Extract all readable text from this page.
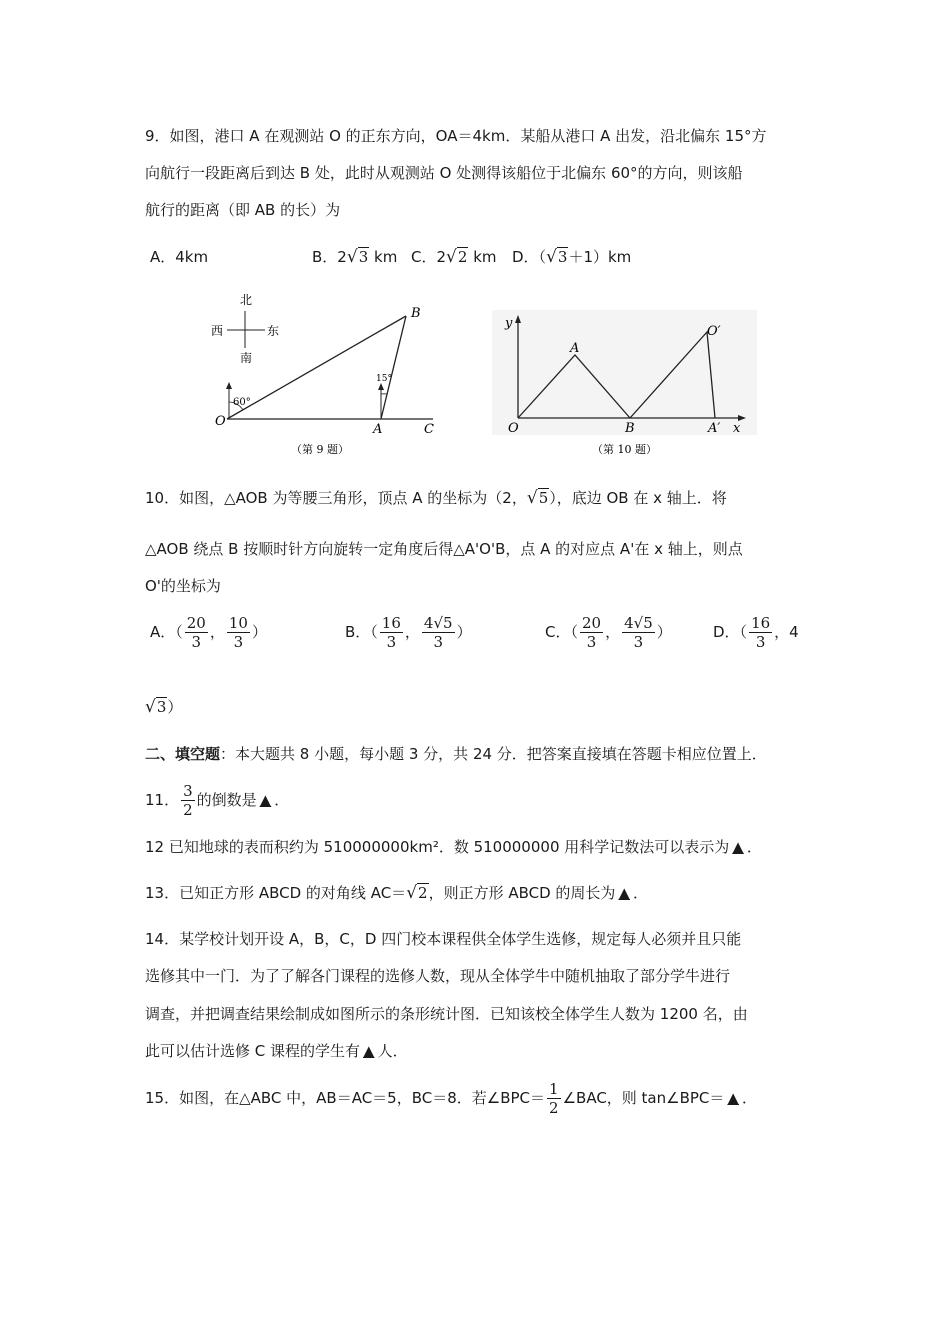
9．如图，港口 A 在观测站 O 的正东方向，OA＝4km．某船从港口 A 出发，沿北偏东 15°方
向航行一段距离后到达 B 处，此时从观测站 O 处测得该船位于北偏东 60°的方向，则该船
航行的距离（即 AB 的长）为
A．4km	B．2√3 km C．2√2 km D．（√3＋1）km
北
南
西	东
60°
15°
O
A
B
C
（第 9 题）
y
x
O
A
B	A′
O′
（第 10 题）
10．如图，△AOB 为等腰三角形，顶点 A 的坐标为（2，√5），底边 OB 在 x 轴上．将
△AOB 绕点 B 按顺时针方向旋转一定角度后得△A'O'B，点 A 的对应点 A'在 x 轴上，则点
O'的坐标为
A．（ $\frac{20}{3}$ ， $\frac{10}{3}$ ）	B．（ $\frac{16}{3}$ ， $\frac{4√5}{3}$ ）	C．（ $\frac{20}{3}$ ， $\frac{4√5}{3}$ ）	D．（ $\frac{16}{3}$ ，4
√3）
二、填空题：本大题共 8 小题，每小题 3 分，共 24 分．把答案直接填在答题卡相应位置上．
11． $\frac{3}{2}$ 的倒数是 ▲ ．
12 已知地球的表而积约为 510000000km²．数 510000000 用科学记数法可以表示为 ▲ ．
13．已知正方形 ABCD 的对角线 AC＝√2，则正方形 ABCD 的周长为 ▲ ．
14．某学校计划开设 A，B，C，D 四门校本课程供全体学生选修，规定每人必须并且只能
选修其中一门．为了了解各门课程的选修人数，现从全体学牛中随机抽取了部分学牛进行
调查，并把调查结果绘制成如图所示的条形统计图．已知该校全体学生人数为 1200 名，由
此可以估计选修 C 课程的学生有 ▲ 人．
15．如图，在△ABC 中，AB＝AC＝5，BC＝8．若∠BPC＝ $\frac{1}{2}$ ∠BAC，则 tan∠BPC＝ ▲ ．
